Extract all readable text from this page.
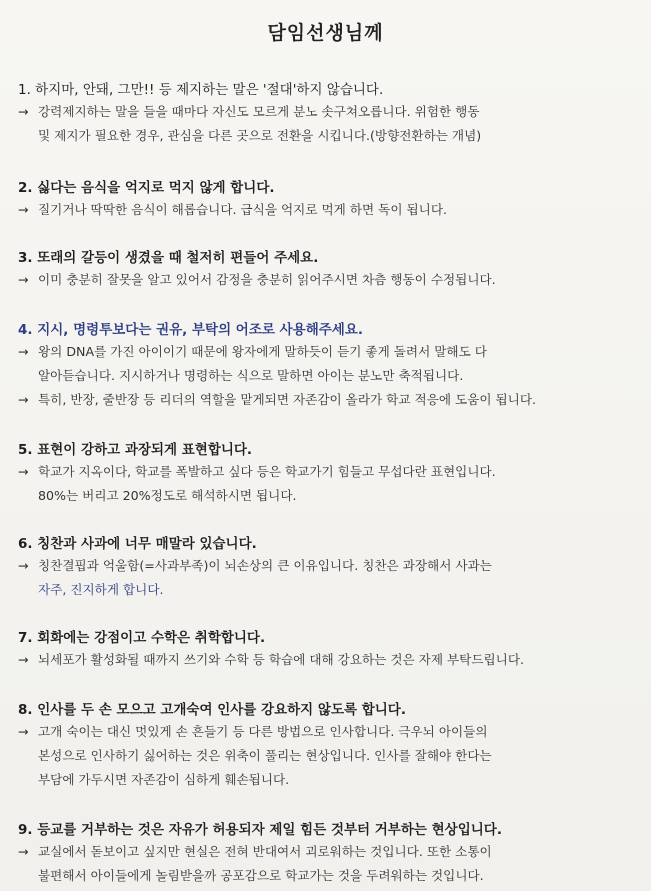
담임선생님께
1. 하지마, 안돼, 그만!! 등 제지하는 말은 '절대'하지 않습니다.
→ 강력제지하는 말을 들을 때마다 자신도 모르게 분노 솟구쳐오릅니다. 위험한 행동
및 제지가 필요한 경우, 관심을 다른 곳으로 전환을 시킵니다.(방향전환하는 개념)
2. 싫다는 음식을 억지로 먹지 않게 합니다.
→ 질기거나 딱딱한 음식이 해롭습니다. 급식을 억지로 먹게 하면 독이 됩니다.
3. 또래의 갈등이 생겼을 때 철저히 편들어 주세요.
→ 이미 충분히 잘못을 알고 있어서 감정을 충분히 읽어주시면 차츰 행동이 수정됩니다.
4. 지시, 명령투보다는 권유, 부탁의 어조로 사용해주세요.
→ 왕의 DNA를 가진 아이이기 때문에 왕자에게 말하듯이 듣기 좋게 돌려서 말해도 다
알아듣습니다. 지시하거나 명령하는 식으로 말하면 아이는 분노만 축적됩니다.
→ 특히, 반장, 줄반장 등 리더의 역할을 맡게되면 자존감이 올라가 학교 적응에 도움이 됩니다.
5. 표현이 강하고 과장되게 표현합니다.
→ 학교가 지옥이다, 학교를 폭발하고 싶다 등은 학교가기 힘들고 무섭다란 표현입니다.
80%는 버리고 20%정도로 해석하시면 됩니다.
6. 칭찬과 사과에 너무 매말라 있습니다.
→ 칭찬결핍과 억울함(=사과부족)이 뇌손상의 큰 이유입니다. 칭찬은 과장해서 사과는
자주, 진지하게 합니다.
7. 회화에는 강점이고 수학은 취학합니다.
→ 뇌세포가 활성화될 때까지 쓰기와 수학 등 학습에 대해 강요하는 것은 자제 부탁드립니다.
8. 인사를 두 손 모으고 고개숙여 인사를 강요하지 않도록 합니다.
→ 고개 숙이는 대신 멋있게 손 흔들기 등 다른 방법으로 인사합니다. 극우뇌 아이들의
본성으로 인사하기 싫어하는 것은 위축이 풀리는 현상입니다. 인사를 잘해야 한다는
부담에 가두시면 자존감이 심하게 훼손됩니다.
9. 등교를 거부하는 것은 자유가 허용되자 제일 힘든 것부터 거부하는 현상입니다.
→ 교실에서 돋보이고 싶지만 현실은 전혀 반대여서 괴로워하는 것입니다. 또한 소통이
불편해서 아이들에게 놀림받을까 공포감으로 학교가는 것을 두려워하는 것입니다.
